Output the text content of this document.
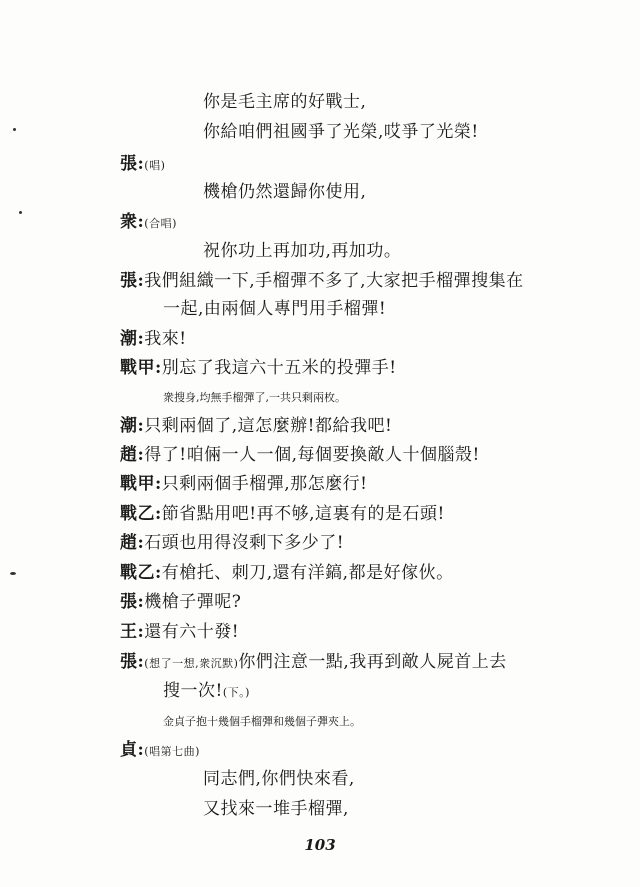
你是毛主席的好戰士,
你給咱們祖國爭了光榮,哎爭了光榮!
張:(唱)
機槍仍然還歸你使用,
衆:(合唱)
祝你功上再加功,再加功。
張:我們組織一下,手榴彈不多了,大家把手榴彈搜集在
一起,由兩個人專門用手榴彈!
潮:我來!
戰甲:別忘了我這六十五米的投彈手!
衆搜身,均無手榴彈了,一共只剩兩枚。
潮:只剩兩個了,這怎麼辦!都給我吧!
趙:得了!咱倆一人一個,每個要換敵人十個腦殼!
戰甲:只剩兩個手榴彈,那怎麼行!
戰乙:節省點用吧!再不够,這裏有的是石頭!
趙:石頭也用得沒剩下多少了!
戰乙:有槍托、刺刀,還有洋鎬,都是好傢伙。
張:機槍子彈呢?
王:還有六十發!
張:(想了一想,衆沉默)你們注意一點,我再到敵人屍首上去
搜一次!(下。)
金貞子抱十幾個手榴彈和幾個子彈夾上。
貞:(唱第七曲)
同志們,你們快來看,
又找來一堆手榴彈,
103
